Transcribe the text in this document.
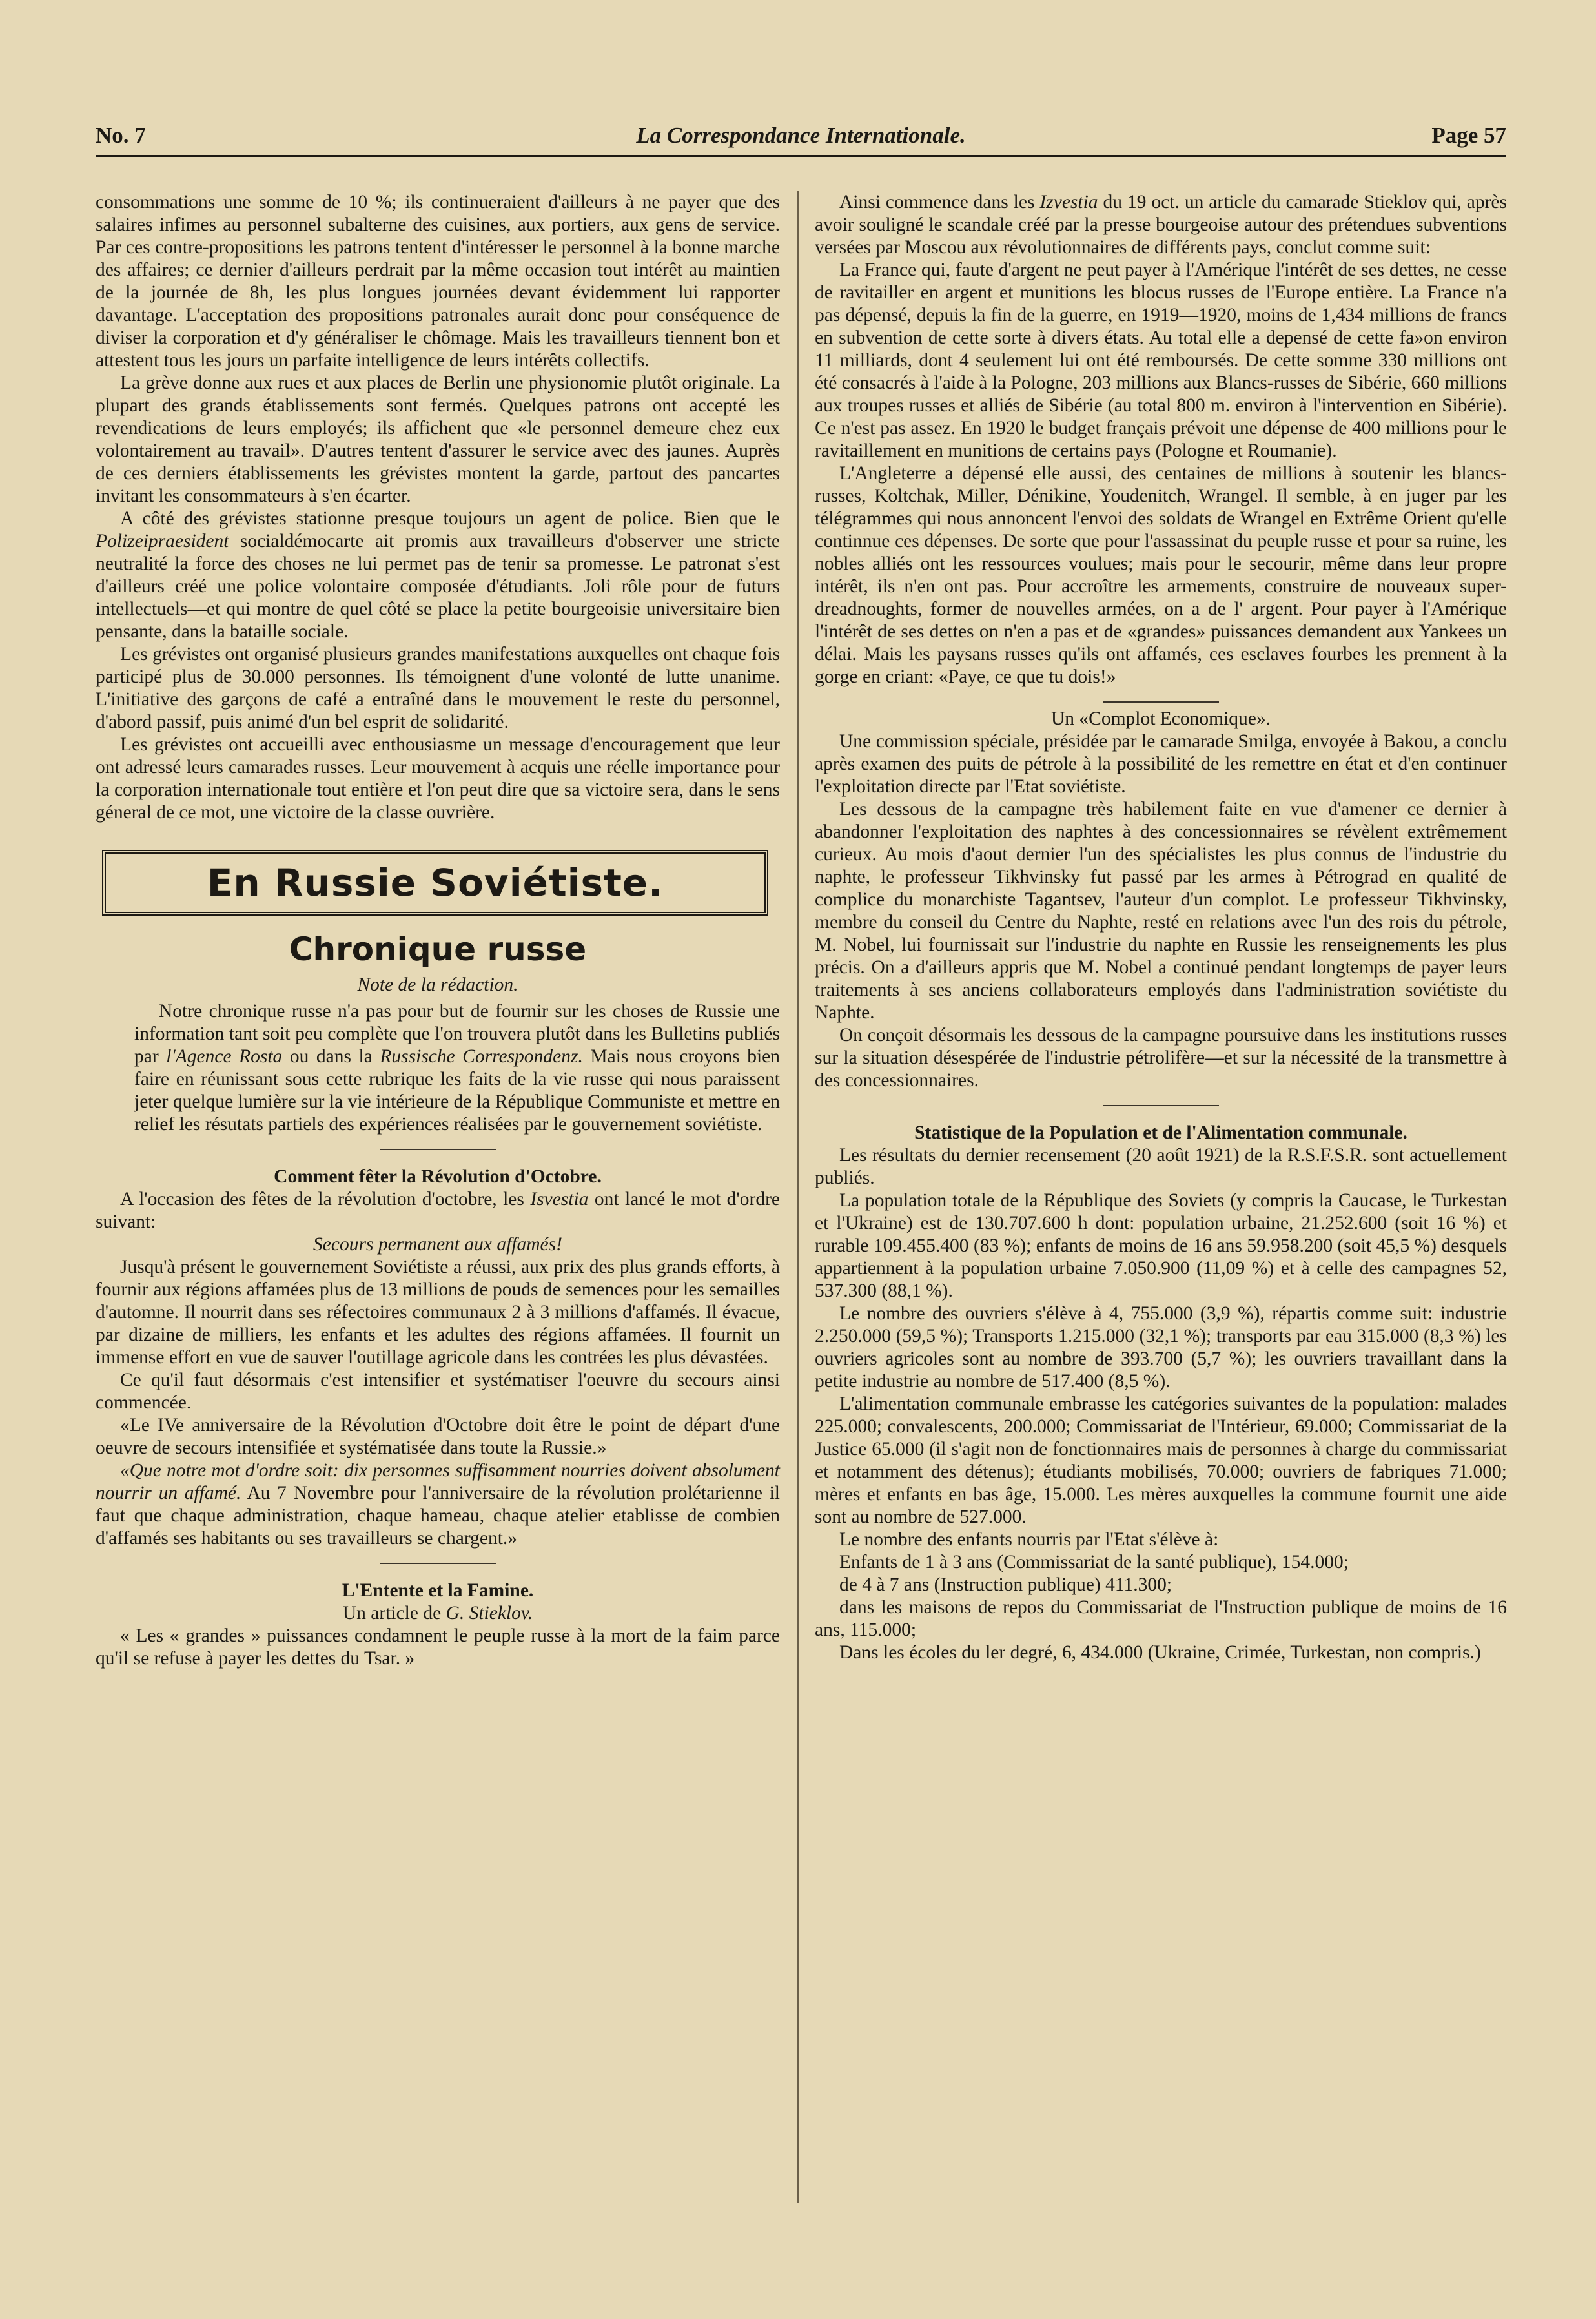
No. 7	La Correspondance Internationale.	Page 57

consommations une somme de 10 %; ils continueraient d'ailleurs à ne payer que des salaires infimes au personnel subalterne des cuisines, aux portiers, aux gens de service. Par ces contre-propositions les patrons tentent d'intéresser le personnel à la bonne marche des affaires; ce dernier d'ailleurs perdrait par la même occasion tout intérêt au maintien de la journée de 8h, les plus longues journées devant évidemment lui rapporter davantage. L'acceptation des propositions patronales aurait donc pour conséquence de diviser la corporation et d'y généraliser le chômage. Mais les travailleurs tiennent bon et attestent tous les jours un parfaite intelligence de leurs intérêts collectifs.

La grève donne aux rues et aux places de Berlin une physionomie plutôt originale. La plupart des grands établissements sont fermés. Quelques patrons ont accepté les revendications de leurs employés; ils affichent que «le personnel demeure chez eux volontairement au travail». D'autres tentent d'assurer le service avec des jaunes. Auprès de ces derniers établissements les grévistes montent la garde, partout des pancartes invitant les consommateurs à s'en écarter.

A côté des grévistes stationne presque toujours un agent de police. Bien que le Polizeipraesident socialdémocarte ait promis aux travailleurs d'observer une stricte neutralité la force des choses ne lui permet pas de tenir sa promesse. Le patronat s'est d'ailleurs créé une police volontaire composée d'étudiants. Joli rôle pour de futurs intellectuels—et qui montre de quel côté se place la petite bourgeoisie universitaire bien pensante, dans la bataille sociale.

Les grévistes ont organisé plusieurs grandes manifestations auxquelles ont chaque fois participé plus de 30.000 personnes. Ils témoignent d'une volonté de lutte unanime. L'initiative des garçons de café a entraîné dans le mouvement le reste du personnel, d'abord passif, puis animé d'un bel esprit de solidarité.

Les grévistes ont accueilli avec enthousiasme un message d'encouragement que leur ont adressé leurs camarades russes. Leur mouvement à acquis une réelle importance pour la corporation internationale tout entière et l'on peut dire que sa victoire sera, dans le sens géneral de ce mot, une victoire de la classe ouvrière.

En Russie Soviétiste.
Chronique russe
Note de la rédaction.

Notre chronique russe n'a pas pour but de fournir sur les choses de Russie une information tant soit peu complète que l'on trouvera plutôt dans les Bulletins publiés par l'Agence Rosta ou dans la Russische Correspondenz. Mais nous croyons bien faire en réunissant sous cette rubrique les faits de la vie russe qui nous paraissent jeter quelque lumière sur la vie intérieure de la République Communiste et mettre en relief les résutats partiels des expériences réalisées par le gouvernement soviétiste.

Comment fêter la Révolution d'Octobre.

A l'occasion des fêtes de la révolution d'octobre, les Isvestia ont lancé le mot d'ordre suivant:

Secours permanent aux affamés!

Jusqu'à présent le gouvernement Soviétiste a réussi, aux prix des plus grands efforts, à fournir aux régions affamées plus de 13 millions de pouds de semences pour les semailles d'automne. Il nourrit dans ses réfectoires communaux 2 à 3 millions d'affamés. Il évacue, par dizaine de milliers, les enfants et les adultes des régions affamées. Il fournit un immense effort en vue de sauver l'outillage agricole dans les contrées les plus dévastées.

Ce qu'il faut désormais c'est intensifier et systématiser l'oeuvre du secours ainsi commencée.

«Le IVe anniversaire de la Révolution d'Octobre doit être le point de départ d'une oeuvre de secours intensifiée et systématisée dans toute la Russie.»

«Que notre mot d'ordre soit: dix personnes suffisamment nourries doivent absolument nourrir un affamé. Au 7 Novembre pour l'anniversaire de la révolution prolétarienne il faut que chaque administration, chaque hameau, chaque atelier etablisse de combien d'affamés ses habitants ou ses travailleurs se chargent.»

L'Entente et la Famine.
Un article de G. Stieklov.

« Les « grandes » puissances condamnent le peuple russe à la mort de la faim parce qu'il se refuse à payer les dettes du Tsar. »

Ainsi commence dans les Izvestia du 19 oct. un article du camarade Stieklov qui, après avoir souligné le scandale créé par la presse bourgeoise autour des prétendues subventions versées par Moscou aux révolutionnaires de différents pays, conclut comme suit:

La France qui, faute d'argent ne peut payer à l'Amérique l'intérêt de ses dettes, ne cesse de ravitailler en argent et munitions les blocus russes de l'Europe entière. La France n'a pas dépensé, depuis la fin de la guerre, en 1919—1920, moins de 1,434 millions de francs en subvention de cette sorte à divers états. Au total elle a depensé de cette fa»on environ 11 milliards, dont 4 seulement lui ont été remboursés. De cette somme 330 millions ont été consacrés à l'aide à la Pologne, 203 millions aux Blancs-russes de Sibérie, 660 millions aux troupes russes et alliés de Sibérie (au total 800 m. environ à l'intervention en Sibérie). Ce n'est pas assez. En 1920 le budget français prévoit une dépense de 400 millions pour le ravitaillement en munitions de certains pays (Pologne et Roumanie).

L'Angleterre a dépensé elle aussi, des centaines de millions à soutenir les blancs-russes, Koltchak, Miller, Dénikine, Youdenitch, Wrangel. Il semble, à en juger par les télégrammes qui nous annoncent l'envoi des soldats de Wrangel en Extrême Orient qu'elle continnue ces dépenses. De sorte que pour l'assassinat du peuple russe et pour sa ruine, les nobles alliés ont les ressources voulues; mais pour le secourir, même dans leur propre intérêt, ils n'en ont pas. Pour accroître les armements, construire de nouveaux super-dreadnoughts, former de nouvelles armées, on a de l' argent. Pour payer à l'Amérique l'intérêt de ses dettes on n'en a pas et de «grandes» puissances demandent aux Yankees un délai. Mais les paysans russes qu'ils ont affamés, ces esclaves fourbes les prennent à la gorge en criant: «Paye, ce que tu dois!»

Un «Complot Economique».

Une commission spéciale, présidée par le camarade Smilga, envoyée à Bakou, a conclu après examen des puits de pétrole à la possibilité de les remettre en état et d'en continuer l'exploitation directe par l'Etat soviétiste.

Les dessous de la campagne très habilement faite en vue d'amener ce dernier à abandonner l'exploitation des naphtes à des concessionnaires se révèlent extrêmement curieux. Au mois d'aout dernier l'un des spécialistes les plus connus de l'industrie du naphte, le professeur Tikhvinsky fut passé par les armes à Pétrograd en qualité de complice du monarchiste Tagantsev, l'auteur d'un complot. Le professeur Tikhvinsky, membre du conseil du Centre du Naphte, resté en relations avec l'un des rois du pétrole, M. Nobel, lui fournissait sur l'industrie du naphte en Russie les renseignements les plus précis. On a d'ailleurs appris que M. Nobel a continué pendant longtemps de payer leurs traitements à ses anciens collaborateurs employés dans l'administration soviétiste du Naphte.

On conçoit désormais les dessous de la campagne poursuive dans les institutions russes sur la situation désespérée de l'industrie pétrolifère—et sur la nécessité de la transmettre à des concessionnaires.

Statistique de la Population et de l'Alimentation communale.

Les résultats du dernier recensement (20 août 1921) de la R.S.F.S.R. sont actuellement publiés.

La population totale de la République des Soviets (y compris la Caucase, le Turkestan et l'Ukraine) est de 130.707.600 h dont: population urbaine, 21.252.600 (soit 16 %) et rurable 109.455.400 (83 %); enfants de moins de 16 ans 59.958.200 (soit 45,5 %) desquels appartiennent à la population urbaine 7.050.900 (11,09 %) et à celle des campagnes 52, 537.300 (88,1 %).

Le nombre des ouvriers s'élève à 4, 755.000 (3,9 %), répartis comme suit: industrie 2.250.000 (59,5 %); Transports 1.215.000 (32,1 %); transports par eau 315.000 (8,3 %) les ouvriers agricoles sont au nombre de 393.700 (5,7 %); les ouvriers travaillant dans la petite industrie au nombre de 517.400 (8,5 %).

L'alimentation communale embrasse les catégories suivantes de la population: malades 225.000; convalescents, 200.000; Commissariat de l'Intérieur, 69.000; Commissariat de la Justice 65.000 (il s'agit non de fonctionnaires mais de personnes à charge du commissariat et notamment des détenus); étudiants mobilisés, 70.000; ouvriers de fabriques 71.000; mères et enfants en bas âge, 15.000. Les mères auxquelles la commune fournit une aide sont au nombre de 527.000.

Le nombre des enfants nourris par l'Etat s'élève à:

Enfants de 1 à 3 ans (Commissariat de la santé publique), 154.000;

de 4 à 7 ans (Instruction publique) 411.300;

dans les maisons de repos du Commissariat de l'Instruction publique de moins de 16 ans, 115.000;

Dans les écoles du ler degré, 6, 434.000 (Ukraine, Crimée, Turkestan, non compris.)
